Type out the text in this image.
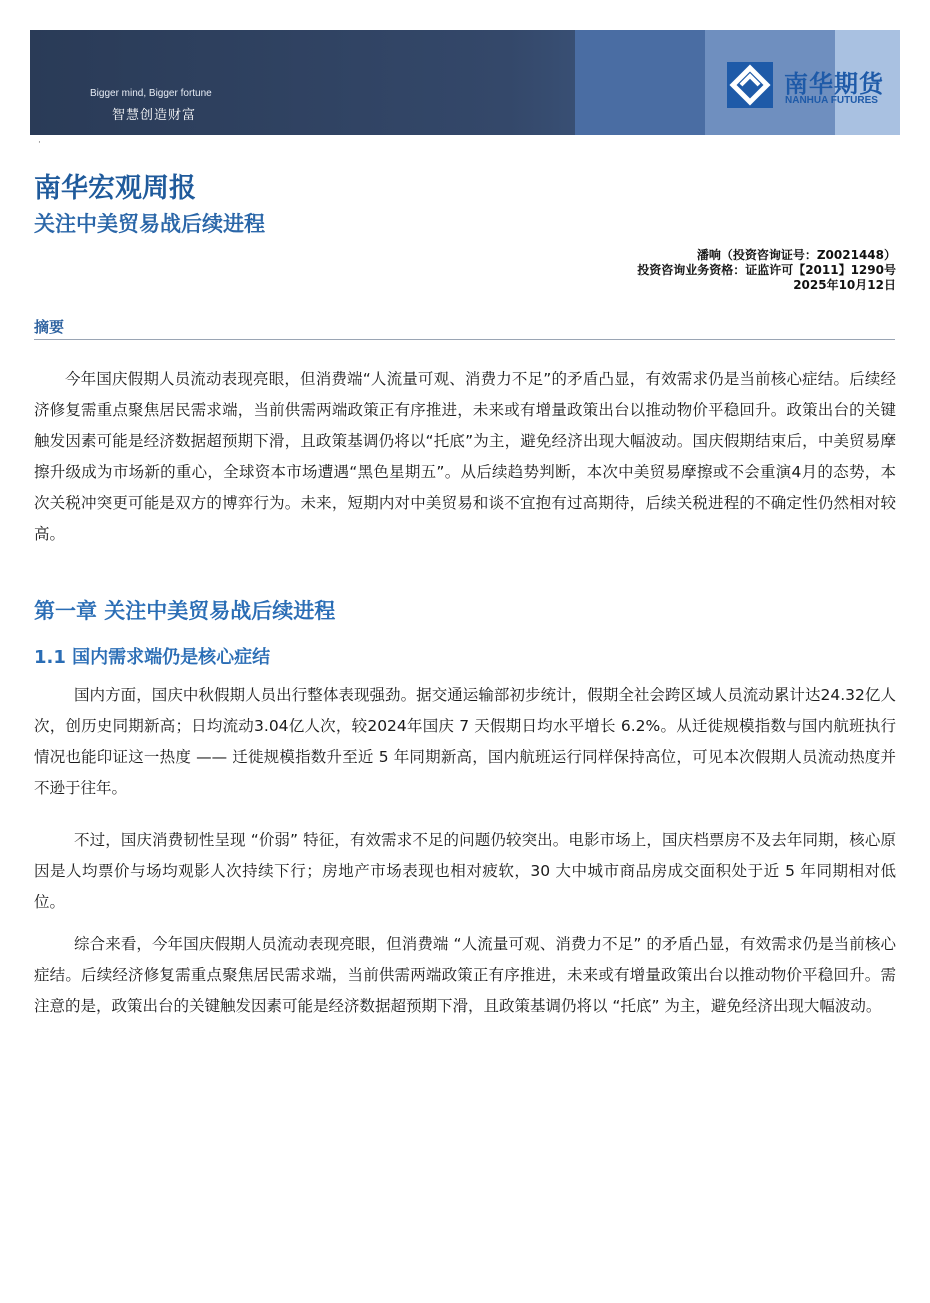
Bigger mind, Bigger fortune
智慧创造财富
南华期货
NANHUA FUTURES
·
南华宏观周报
关注中美贸易战后续进程
潘响（投资咨询证号：Z0021448）
投资咨询业务资格：证监许可【2011】1290号
2025年10月12日
摘要

今年国庆假期人员流动表现亮眼，但消费端“人流量可观、消费力不足”的矛盾凸显，有效需求仍是当前核心症结。后续经济修复需重点聚焦居民需求端，当前供需两端政策正有序推进，未来或有增量政策出台以推动物价平稳回升。政策出台的关键触发因素可能是经济数据超预期下滑，且政策基调仍将以“托底”为主，避免经济出现大幅波动。国庆假期结束后，中美贸易摩擦升级成为市场新的重心，全球资本市场遭遇“黑色星期五”。从后续趋势判断，本次中美贸易摩擦或不会重演4月的态势，本次关税冲突更可能是双方的博弈行为。未来，短期内对中美贸易和谈不宜抱有过高期待，后续关税进程的不确定性仍然相对较高。

第一章 关注中美贸易战后续进程
1.1 国内需求端仍是核心症结

国内方面，国庆中秋假期人员出行整体表现强劲。据交通运输部初步统计，假期全社会跨区域人员流动累计达24.32亿人次，创历史同期新高；日均流动3.04亿人次，较2024年国庆 7 天假期日均水平增长 6.2%。从迁徙规模指数与国内航班执行情况也能印证这一热度 —— 迁徙规模指数升至近 5 年同期新高，国内航班运行同样保持高位，可见本次假期人员流动热度并不逊于往年。

不过，国庆消费韧性呈现 “价弱” 特征，有效需求不足的问题仍较突出。电影市场上，国庆档票房不及去年同期，核心原因是人均票价与场均观影人次持续下行；房地产市场表现也相对疲软，30 大中城市商品房成交面积处于近 5 年同期相对低位。

综合来看，今年国庆假期人员流动表现亮眼，但消费端 “人流量可观、消费力不足” 的矛盾凸显，有效需求仍是当前核心症结。后续经济修复需重点聚焦居民需求端，当前供需两端政策正有序推进，未来或有增量政策出台以推动物价平稳回升。需注意的是，政策出台的关键触发因素可能是经济数据超预期下滑，且政策基调仍将以 “托底” 为主，避免经济出现大幅波动。
